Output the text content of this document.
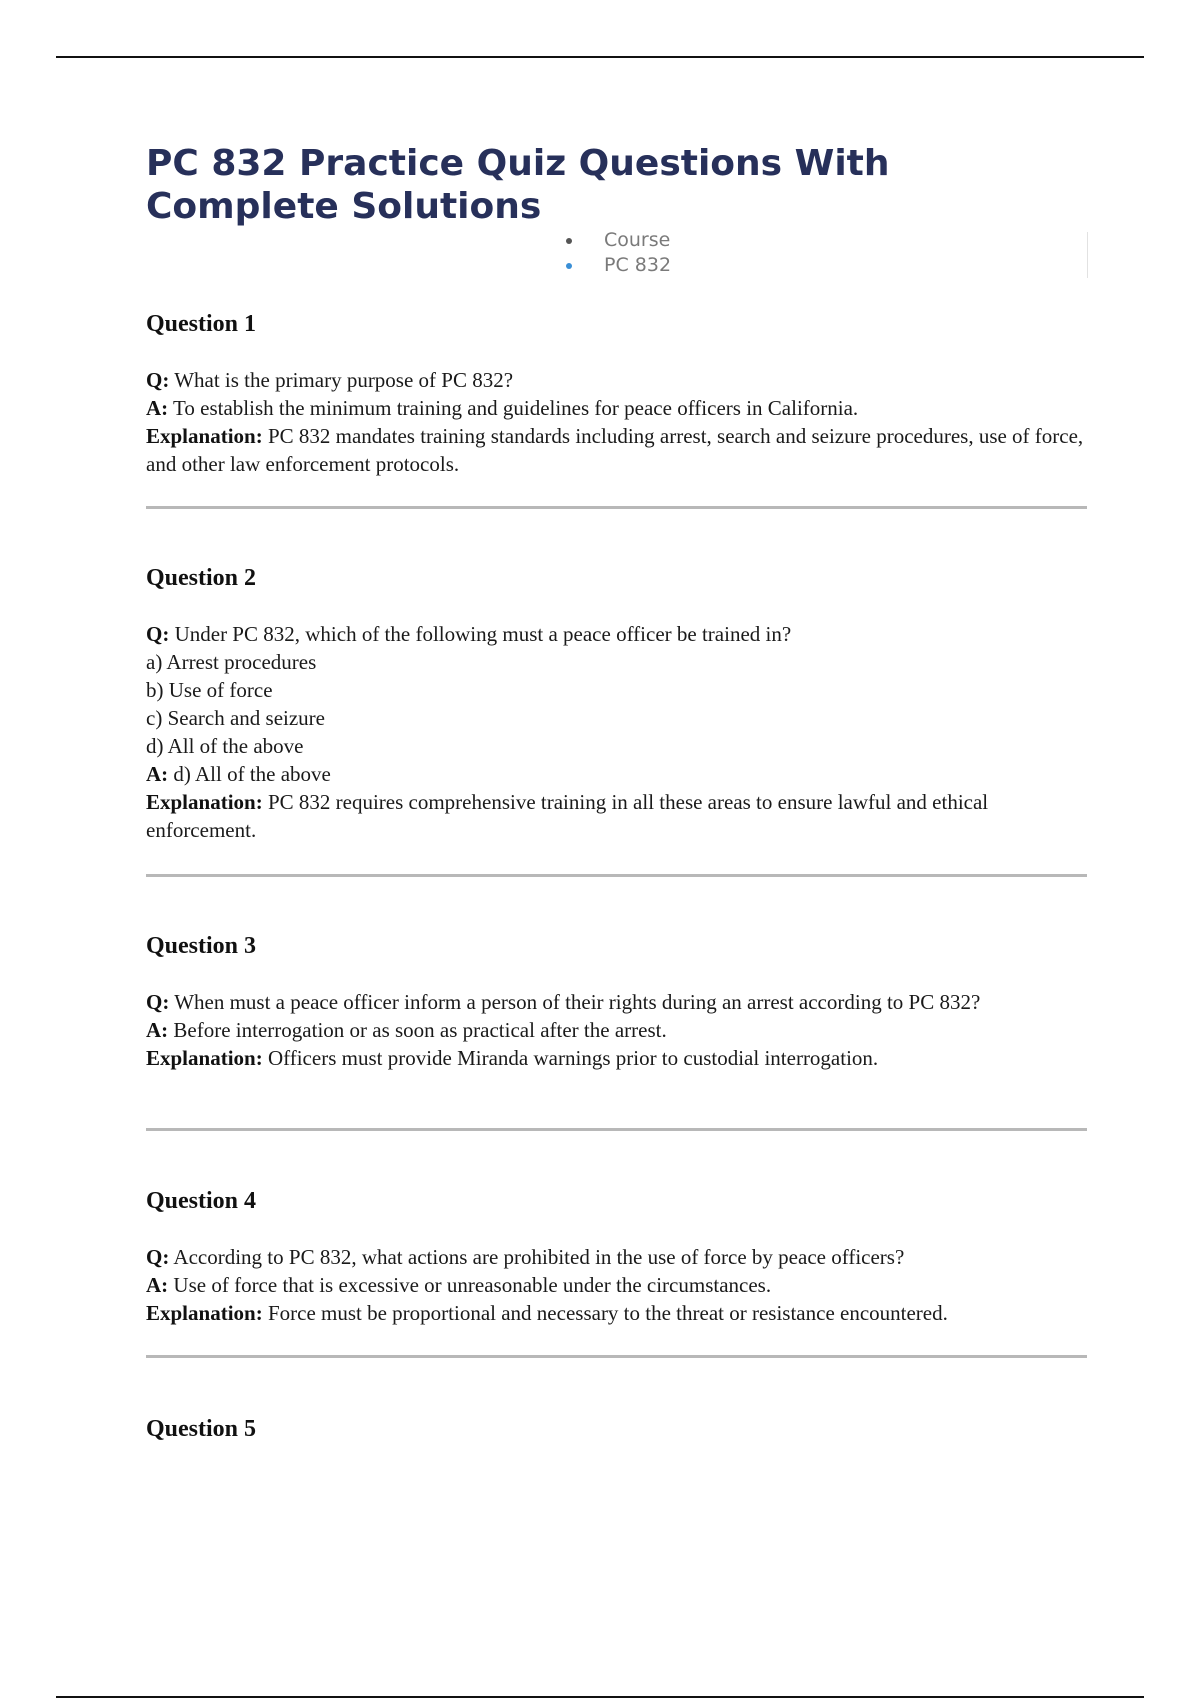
PC 832 Practice Quiz Questions With Complete Solutions
Course
PC 832
Question 1

Q: What is the primary purpose of PC 832?
A: To establish the minimum training and guidelines for peace officers in California.
Explanation: PC 832 mandates training standards including arrest, search and seizure procedures, use of force, and other law enforcement protocols.

Question 2

Q: Under PC 832, which of the following must a peace officer be trained in?
a) Arrest procedures
b) Use of force
c) Search and seizure
d) All of the above
A: d) All of the above
Explanation: PC 832 requires comprehensive training in all these areas to ensure lawful and ethical enforcement.

Question 3

Q: When must a peace officer inform a person of their rights during an arrest according to PC 832?
A: Before interrogation or as soon as practical after the arrest.
Explanation: Officers must provide Miranda warnings prior to custodial interrogation.

Question 4

Q: According to PC 832, what actions are prohibited in the use of force by peace officers?
A: Use of force that is excessive or unreasonable under the circumstances.
Explanation: Force must be proportional and necessary to the threat or resistance encountered.

Question 5
